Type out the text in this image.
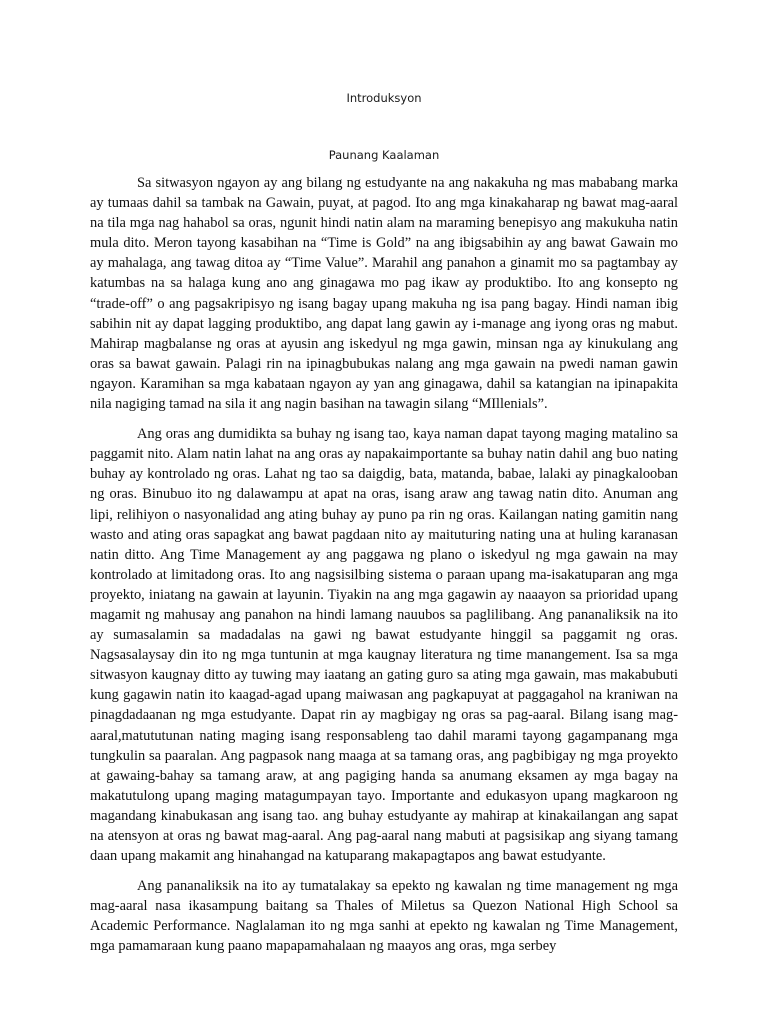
Introduksyon
Paunang Kaalaman

Sa sitwasyon ngayon ay ang bilang ng estudyante na ang nakakuha ng mas mababang marka ay tumaas dahil sa tambak na Gawain, puyat, at pagod. Ito ang mga kinakaharap ng bawat mag-aaral na tila mga nag hahabol sa oras, ngunit hindi natin alam na maraming benepisyo ang makukuha natin mula dito. Meron tayong kasabihan na “Time is Gold” na ang ibigsabihin ay ang bawat Gawain mo ay mahalaga, ang tawag ditoa ay “Time Value”. Marahil ang panahon a ginamit mo sa pagtambay ay katumbas na sa halaga kung ano ang ginagawa mo pag ikaw ay produktibo. Ito ang konsepto ng “trade-off” o ang pagsakripisyo ng isang bagay upang makuha ng isa pang bagay. Hindi naman ibig sabihin nit ay dapat lagging produktibo, ang dapat lang gawin ay i-manage ang iyong oras ng mabut. Mahirap magbalanse ng oras at ayusin ang iskedyul ng mga gawin, minsan nga ay kinukulang ang oras sa bawat gawain. Palagi rin na ipinagbubukas nalang ang mga gawain na pwedi naman gawin ngayon. Karamihan sa mga kabataan ngayon ay yan ang ginagawa, dahil sa katangian na ipinapakita nila nagiging tamad na sila it ang nagin basihan na tawagin silang “MIllenials”.

Ang oras ang dumidikta sa buhay ng isang tao, kaya naman dapat tayong maging matalino sa paggamit nito. Alam natin lahat na ang oras ay napakaimportante sa buhay natin dahil ang buo nating buhay ay kontrolado ng oras. Lahat ng tao sa daigdig, bata, matanda, babae, lalaki ay pinagkalooban ng oras. Binubuo ito ng dalawampu at apat na oras, isang araw ang tawag natin dito. Anuman ang lipi, relihiyon o nasyonalidad ang ating buhay ay puno pa rin ng oras. Kailangan nating gamitin nang wasto and ating oras sapagkat ang bawat pagdaan nito ay maituturing nating una at huling karanasan natin ditto. Ang Time Management ay ang paggawa ng plano o iskedyul ng mga gawain na may kontrolado at limitadong oras. Ito ang nagsisilbing sistema o paraan upang ma-isakatuparan ang mga proyekto, iniatang na gawain at layunin. Tiyakin na ang mga gagawin ay naaayon sa prioridad upang magamit ng mahusay ang panahon na hindi lamang nauubos sa paglilibang. Ang pananaliksik na ito ay sumasalamin sa madadalas na gawi ng bawat estudyante hinggil sa paggamit ng oras. Nagsasalaysay din ito ng mga tuntunin at mga kaugnay literatura ng time manangement. Isa sa mga sitwasyon kaugnay ditto ay tuwing may iaatang an gating guro sa ating mga gawain, mas makabubuti kung gagawin natin ito kaagad-agad upang maiwasan ang pagkapuyat at paggagahol na kraniwan na pinagdadaanan ng mga estudyante. Dapat rin ay magbigay ng oras sa pag-aaral. Bilang isang mag-aaral,matututunan nating maging isang responsableng tao dahil marami tayong gagampanang mga tungkulin sa paaralan. Ang pagpasok nang maaga at sa tamang oras, ang pagbibigay ng mga proyekto at gawaing-bahay sa tamang araw, at ang pagiging handa sa anumang eksamen ay mga bagay na makatutulong upang maging matagumpayan tayo. Importante and edukasyon upang magkaroon ng magandang kinabukasan ang isang tao. ang buhay estudyante ay mahirap at kinakailangan ang sapat na atensyon at oras ng bawat mag-aaral. Ang pag-aaral nang mabuti at pagsisikap ang siyang tamang daan upang makamit ang hinahangad na katuparang makapagtapos ang bawat estudyante.

Ang pananaliksik na ito ay tumatalakay sa epekto ng kawalan ng time management ng mga mag-aaral nasa ikasampung baitang sa Thales of Miletus sa Quezon National High School sa Academic Performance. Naglalaman ito ng mga sanhi at epekto ng kawalan ng Time Management, mga pamamaraan kung paano mapapamahalaan ng maayos ang oras, mga serbey
